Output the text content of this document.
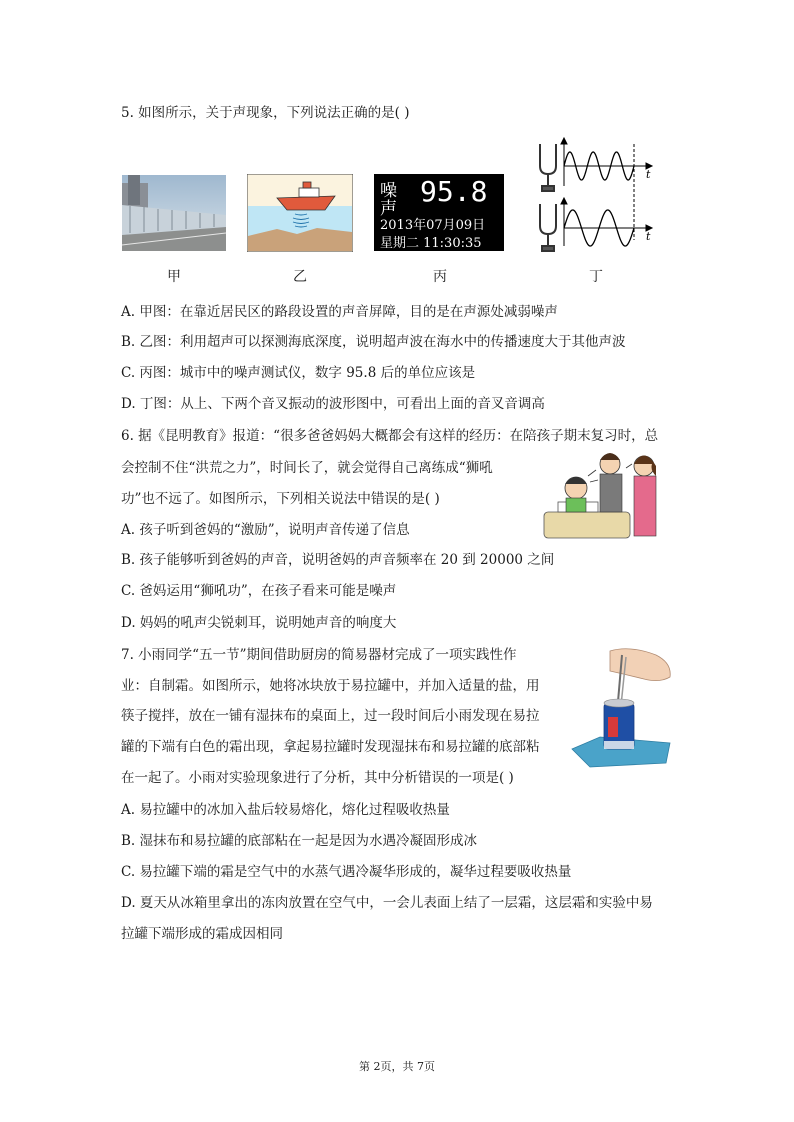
5. 如图所示，关于声现象，下列说法正确的是( )
噪
声
95.8
2013年07月09日
星期二 11:30:35	t
t
甲	乙	丙	丁
A. 甲图：在靠近居民区的路段设置的声音屏障，目的是在声源处减弱噪声
B. 乙图：利用超声可以探测海底深度，说明超声波在海水中的传播速度大于其他声波
C. 丙图：城市中的噪声测试仪，数字 95.8 后的单位应该是
D. 丁图：从上、下两个音叉振动的波形图中，可看出上面的音叉音调高
6. 据《昆明教育》报道：“很多爸爸妈妈大概都会有这样的经历：在陪孩子期末复习时，总
会控制不住“洪荒之力”，时间长了，就会觉得自己离练成“狮吼
功”也不远了。如图所示，下列相关说法中错误的是( )
A. 孩子听到爸妈的“激励”，说明声音传递了信息
B. 孩子能够听到爸妈的声音，说明爸妈的声音频率在 20 到 20000 之间
C. 爸妈运用“狮吼功”，在孩子看来可能是噪声
D. 妈妈的吼声尖锐刺耳，说明她声音的响度大
7. 小雨同学“五一节”期间借助厨房的简易器材完成了一项实践性作
业：自制霜。如图所示，她将冰块放于易拉罐中，并加入适量的盐，用
筷子搅拌，放在一铺有湿抹布的桌面上，过一段时间后小雨发现在易拉
罐的下端有白色的霜出现，拿起易拉罐时发现湿抹布和易拉罐的底部粘
在一起了。小雨对实验现象进行了分析，其中分析错误的一项是( )
A. 易拉罐中的冰加入盐后较易熔化，熔化过程吸收热量
B. 湿抹布和易拉罐的底部粘在一起是因为水遇冷凝固形成冰
C. 易拉罐下端的霜是空气中的水蒸气遇冷凝华形成的，凝华过程要吸收热量
D. 夏天从冰箱里拿出的冻肉放置在空气中，一会儿表面上结了一层霜，这层霜和实验中易
拉罐下端形成的霜成因相同
第 2页，共 7页
